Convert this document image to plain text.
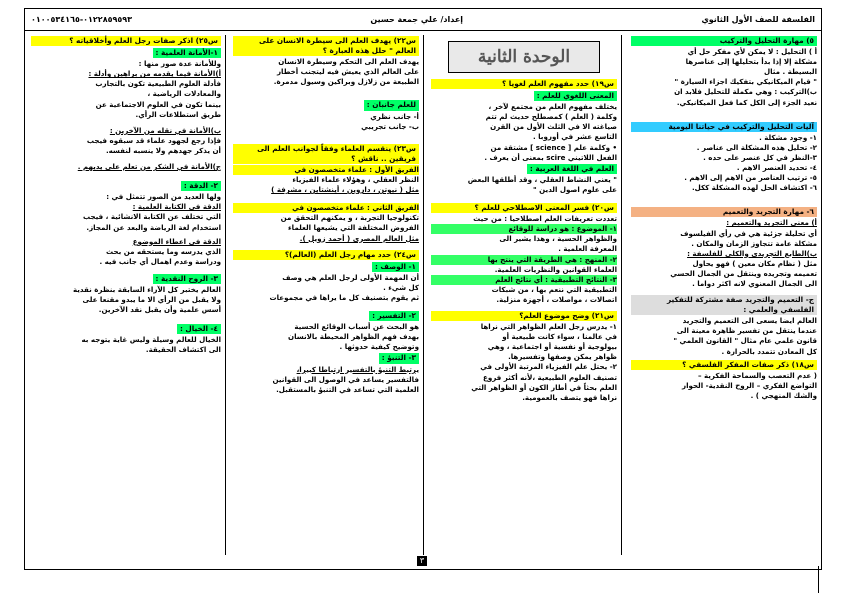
الفلسفة للصف الأول الثانوي
إعداد/ علي جمعة حسين
٠١٢٢٨٥٩٥٩٣-٠١٠٠٥٣٤١٦٥
٥) مهارة التحليل والتركيب
أ ) التحليل : لا يمكن لأي مفكر حل أي
مشكلة إلا إذا بدأ بتحليلها إلى عناصرها
البسيطة . مثال
" قيام الميكانيكي بتفكيك اجزاء السيارة "
ب)التركيب : وهي مكملة للتحليل فلابد ان
نعيد الجزء إلى الكل كما فعل الميكانيكي.
آليات التحليل والتركيب في حياتنا اليومية
١- وجود مشكلة .
٢- تحليل هذه المشكلة الى عناصر .
٣-النظر في كل عنصر على حده .
٤- تحديد العنصر الاهم .
٥- ترتيب العناصر من الاهم إلى الاهم .
٦- اكتشاف الحل لهذه المشكلة ككل.
٦- مهارة التجريد والتعميم
أ) معنى التجريد والتعميم :
أي تحليلة جزئية هي في رأي الفيلسوف
مشكلة عامة تتجاوز الزمان والمكان .
ب)الطابع التجريدي والكلي للفلسفة :
مثل ( نظام مكان معين ) فهو يحاول
تعميمه وتجريده وينتقل من الجمال الحسي
الى الجمال المعنوي لانه اكثر دواما .
ج- التعميم والتجريد صفة مشتركة للتفكير الفلسفي والعلمي :
العالم ايضا يسعى الى التعميم والتجريد
عندما ينتقل من تفسير ظاهرة معينة الى
قانون علمي عام مثال " القانون العلمي "
كل المعادن تتمدد بالحرارة .
س١٨) ذكر صفات المفكر الفلسفي ؟
( عدم التعصب والسماحة الفكرية –
التواضع الفكري – الروح النقدية- الحوار
والشك المنهجي ) .
الوحدة الثانية
س١٩) حدد مفهوم العلم لغويا ؟
المعنى اللغوي للعلم :
يختلف مفهوم العلم من مجتمع لآخر ،
وكلمة ( العلم ) كمصطلح حديث لم تتم
صياغته الا في الثلث الأول من القرن
التاسع عشر في أوروبا .
• وكلمة علم [ science ] مشتقة من
الفعل اللاتيني scire بمعنى أن يعرف .
العلم في اللغة العربية :
" يعني النشاط العقلي ، وقد أطلقها البعض
على علوم اصول الدين "
س٢٠) فسر المعنى الاصطلاحي للعلم ؟
تعددت تعريفات العلم اصطلاحيا : من حيث
١- الموضوع : هو دراسة للوقائع
والظواهر الحسية ، وهذا يشير الى
المعرفة العلمية .
٢- المنهج : هي الطريقة التي ينتج بها
العلماء القوانين والنظريات العلمية.
٣- النتائج التطبيقية : أي نتائج العلم
التطبيقية التي ننعم بها ، من شبكات
اتصالات ، مواصلات ، أجهزة منزلية.
س٢١) وضح موضوع العلم؟
١- يدرس رجل العلم الظواهر التي نراها
في عالمنا ، سواء كانت طبيعية أو
بيولوجية أو نفسية أو اجتماعية ، وهي
ظواهر يمكن وصفها وتفسيرها.
٢- يحتل علم الفيزياء المرتبة الأولى في
تصنيف العلوم الطبيعية ،لأنه أكثر فروع
العلم بحثاً في أطار الكون أو الظواهر التي
نراها فهو يتصف بالعمومية.
س٢٢) يهدف العلم الى سيطرة الانسان على العالم " حلل هذه العبارة ؟
يهدف العلم الى التحكم وسيطرة الانسان
على العالم الذي يعيش فيه ليتجنب أخطار
الطبيعة من زلازل وبراكين وسيول مدمرة.
للعلم جانبان :
أ- جانب نظري
ب- جانب تجريبي
س٢٣) ينقسم العلماء وفقاً لجوانب العلم الى فريقين .. ناقش ؟
الفريق الأول : علماء متخصصون في
النظر العقلي ، وهؤلاء علماء الفيزياء
مثل ( نيوتن ، داروين ، أينشتاين ، مشرفة )
الفريق الثاني : علماء متخصصون في
تكنولوجيا التجربة ، و يمكنهم التحقق من
الفروض المختلفة التي يشيعها العلماء
مثل العالم المصري ( أحمد زويل ).
س٢٤) حدد مهام رجل العلم (العالم)؟
١- الوصف :
أن المهمة الأولى لرجل العلم هي وصف
كل شيء .
ثم يقوم بتصنيف كل ما يراها في مجموعات
٢- التفسير :
هو البحث عن أسباب الوقائع الحسية
بهدف فهم الظواهر المحيطة بالانسان
وتوضيح كيفية حدوثها .
٣- التنبؤ :
يرتبط التنبؤ بالتفسير ارتباطا كبيرا،
فالتفسير يساعد في الوصول الى القوانين
العلمية التي تساعد في التنبؤ بالمستقبل.
س٢٥) اذكر صفات رجل العلم وأخلاقياته ؟
١-الأمانة العلمية :
وللأمانة عدة صور منها :
أ)الأمانة فيما يقدمه من براهين وأدلة :
فأدلة العلوم الطبيعية تكون بالتجارب
والمعادلات الرياضية ،
بينما تكون في العلوم الاجتماعية عن
طريق استطلاعات الرأي.
ب)الأمانة في نقله من الآخرين :
فإذا رجع لجهود علماء قد سبقوه فيجب
أن يذكر جهدهم ولا ينسبه لنفسه.
ج)الأمانة في الشكر من تعلم على يديهم .
٢- الدقة :
ولها العديد من الصور تتمثل في :
الدقة في الكتابة العلمية :
التي تختلف عن الكتابة الانشائية ، فيجب
استخدام لغة الرياضة والبعد عن المجاز.
الدقة في اعطاء الموضوع
الذي يدرسه وما يستحقه من بحث
ودراسة وعدم اهمال أي جانب فيه .
٣- الروح النقدية :
العالم يختبر كل الآراء السابقة بنظرة نقدية
ولا يقبل من الرأي الا ما يبدو مقنعا على
أسس علمية وأن يقبل نقد الآخرين.
٤- الخيال :
الخيال للعالم وسيلة وليس غاية يتوجه به
الى اكتشاف الحقيقة.
٣
